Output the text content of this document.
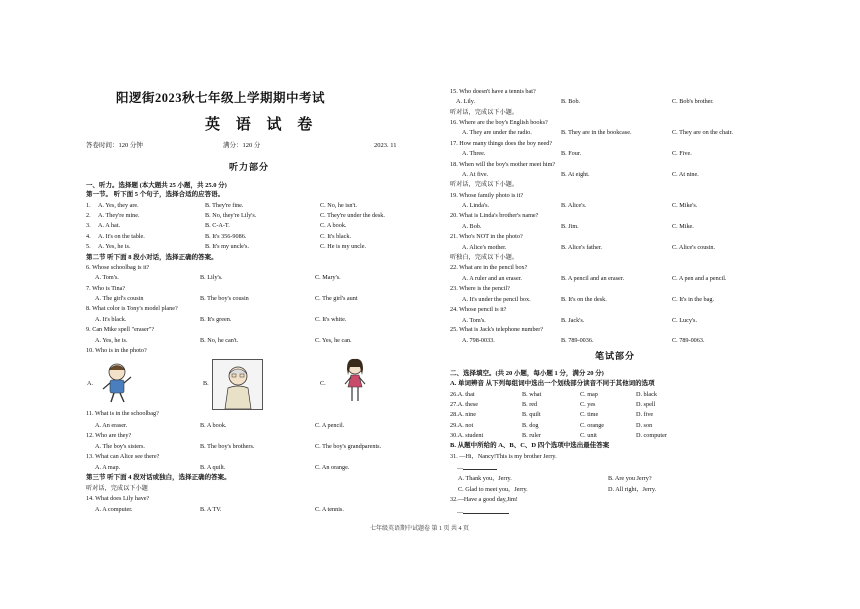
阳逻街2023秋七年级上学期期中考试
英 语 试 卷
答卷时间：120 分钟	满分：120 分	2023. 11
听力部分
一、听力。选择题 (本大题共 25 小题，共 25.0 分)
第一节。 听下面 5 个句子，选择合适的应答语。
1. A. Yes, they are.	B. They're fine.	C. No, he isn't.
2. A. They're mine.	B. No, they're Lily's.	C. They're under the desk.
3. A. A hat.	B. C-A-T.	C. A book.
4. A. It's on the table.	B. It's 356-9086.	C. It's black.
5. A. Yes, he is.	B. It's my uncle's.	C. He is my uncle.
第二节 听下面 8 段小对话，选择正确的答案。
6. Whose schoolbag is it?
A. Tom's.	B. Lily's.	C. Mary's.
7. Who is Tina?
A. The girl's cousin	B. The boy's cousin	C. The girl's aunt
8. What color is Tony's model plane?
A. It's black.	B. It's green.	C. It's white.
9. Can Mike spell "eraser"?
A. Yes, he is.	B. No, he can't.	C. Yes, he can.
10. Who is in the photo?
A.	B.	C.
11. What is in the schoolbag?
A. An eraser.	B. A book.	C. A pencil.
12. Who are they?
A. The boy's sisters.	B. The boy's brothers.	C. The boy's grandparents.
13. What can Alice see there?
A. A map.	B. A quilt.	C. An orange.
第三节 听下面 4 段对话或独白，选择正确的答案。
听对话，完成以下小题
14. What does Lily have?
A. A computer.	B. A TV.	C. A tennis.
15. Who doesn't have a tennis bat?
A. Lily.	B. Bob.	C. Bob's brother.
听对话，完成以下小题。
16. Where are the boy's English books?
A. They are under the radio.	B. They are in the bookcase.	C. They are on the chair.
17. How many things does the boy need?
A. Three.	B. Four.	C. Five.
18. When will the boy's mother meet him?
A. At five.	B. At eight.	C. At nine.
听对话，完成以下小题。
19. Whose family photo is it?
A. Linda's.	B. Alice's.	C. Mike's.
20. What is Linda's brother's name?
A. Bob.	B. Jim.	C. Mike.
21. Who's NOT in the photo?
A. Alice's mother.	B. Alice's father.	C. Alice's cousin.
听独白，完成以下小题。
22. What are in the pencil box?
A. A ruler and an eraser.	B. A pencil and an eraser.	C. A pen and a pencil.
23. Where is the pencil?
A. It's under the pencil box.	B. It's on the desk.	C. It's in the bag.
24. Whose pencil is it?
A. Tom's.	B. Jack's.	C. Lucy's.
25. What is Jack's telephone number?
A. 798-0033.	B. 789-0036.	C. 789-0063.
笔试部分
二、选择填空。(共 20 小题，每小题 1 分，满分 20 分)
A. 单词辨音 从下列每组词中选出一个划线部分读音不同于其他词的选项
26.A. that	B. what	C. map	D. black
27.A. these	B. red	C. yes	D. spell
28.A. nine	B. quilt	C. time	D. five
29.A. not	B. dog	C. orange	D. son
30.A. student	B. ruler	C. unit	D. computer
B. 从题中所给的 A、B、C、D 四个选项中选出最佳答案
31. —Hi，Nancy!This is my brother Jerry.
—
A. Thank you，Jerry.	B. Are you Jerry?
C. Glad to meet you，Jerry.	D. All right，Jerry.
32.—Have a good day,Jim!
—
七年级英语期中试题卷 第 1 页 共 4 页
